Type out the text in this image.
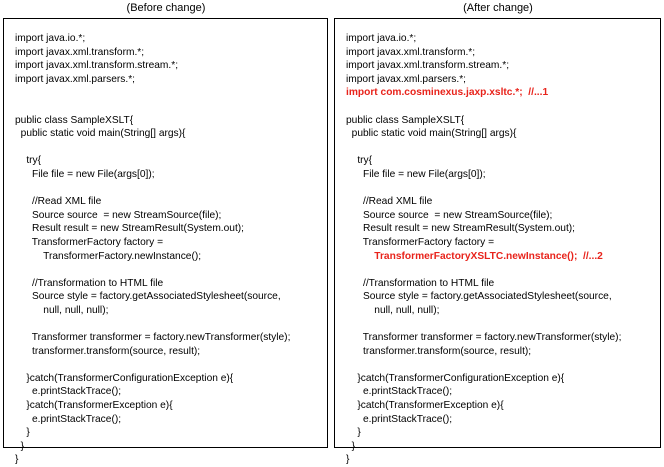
(Before change)	(After change)
import java.io.*;
import javax.xml.transform.*;
import javax.xml.transform.stream.*;
import javax.xml.parsers.*;
public class SampleXSLT{
public static void main(String[] args){
try{
File file = new File(args[0]);
//Read XML file
Source source  = new StreamSource(file);
Result result = new StreamResult(System.out);
TransformerFactory factory =
TransformerFactory.newInstance();
//Transformation to HTML file
Source style = factory.getAssociatedStylesheet(source,
null, null, null);
Transformer transformer = factory.newTransformer(style);
transformer.transform(source, result);
}catch(TransformerConfigurationException e){
e.printStackTrace();
}catch(TransformerException e){
e.printStackTrace();
}
}
}
import java.io.*;
import javax.xml.transform.*;
import javax.xml.transform.stream.*;
import javax.xml.parsers.*;
import com.cosminexus.jaxp.xsltc.*;  //...1
public class SampleXSLT{
public static void main(String[] args){
try{
File file = new File(args[0]);
//Read XML file
Source source  = new StreamSource(file);
Result result = new StreamResult(System.out);
TransformerFactory factory =
TransformerFactoryXSLTC.newInstance();  //...2
//Transformation to HTML file
Source style = factory.getAssociatedStylesheet(source,
null, null, null);
Transformer transformer = factory.newTransformer(style);
transformer.transform(source, result);
}catch(TransformerConfigurationException e){
e.printStackTrace();
}catch(TransformerException e){
e.printStackTrace();
}
}
}
